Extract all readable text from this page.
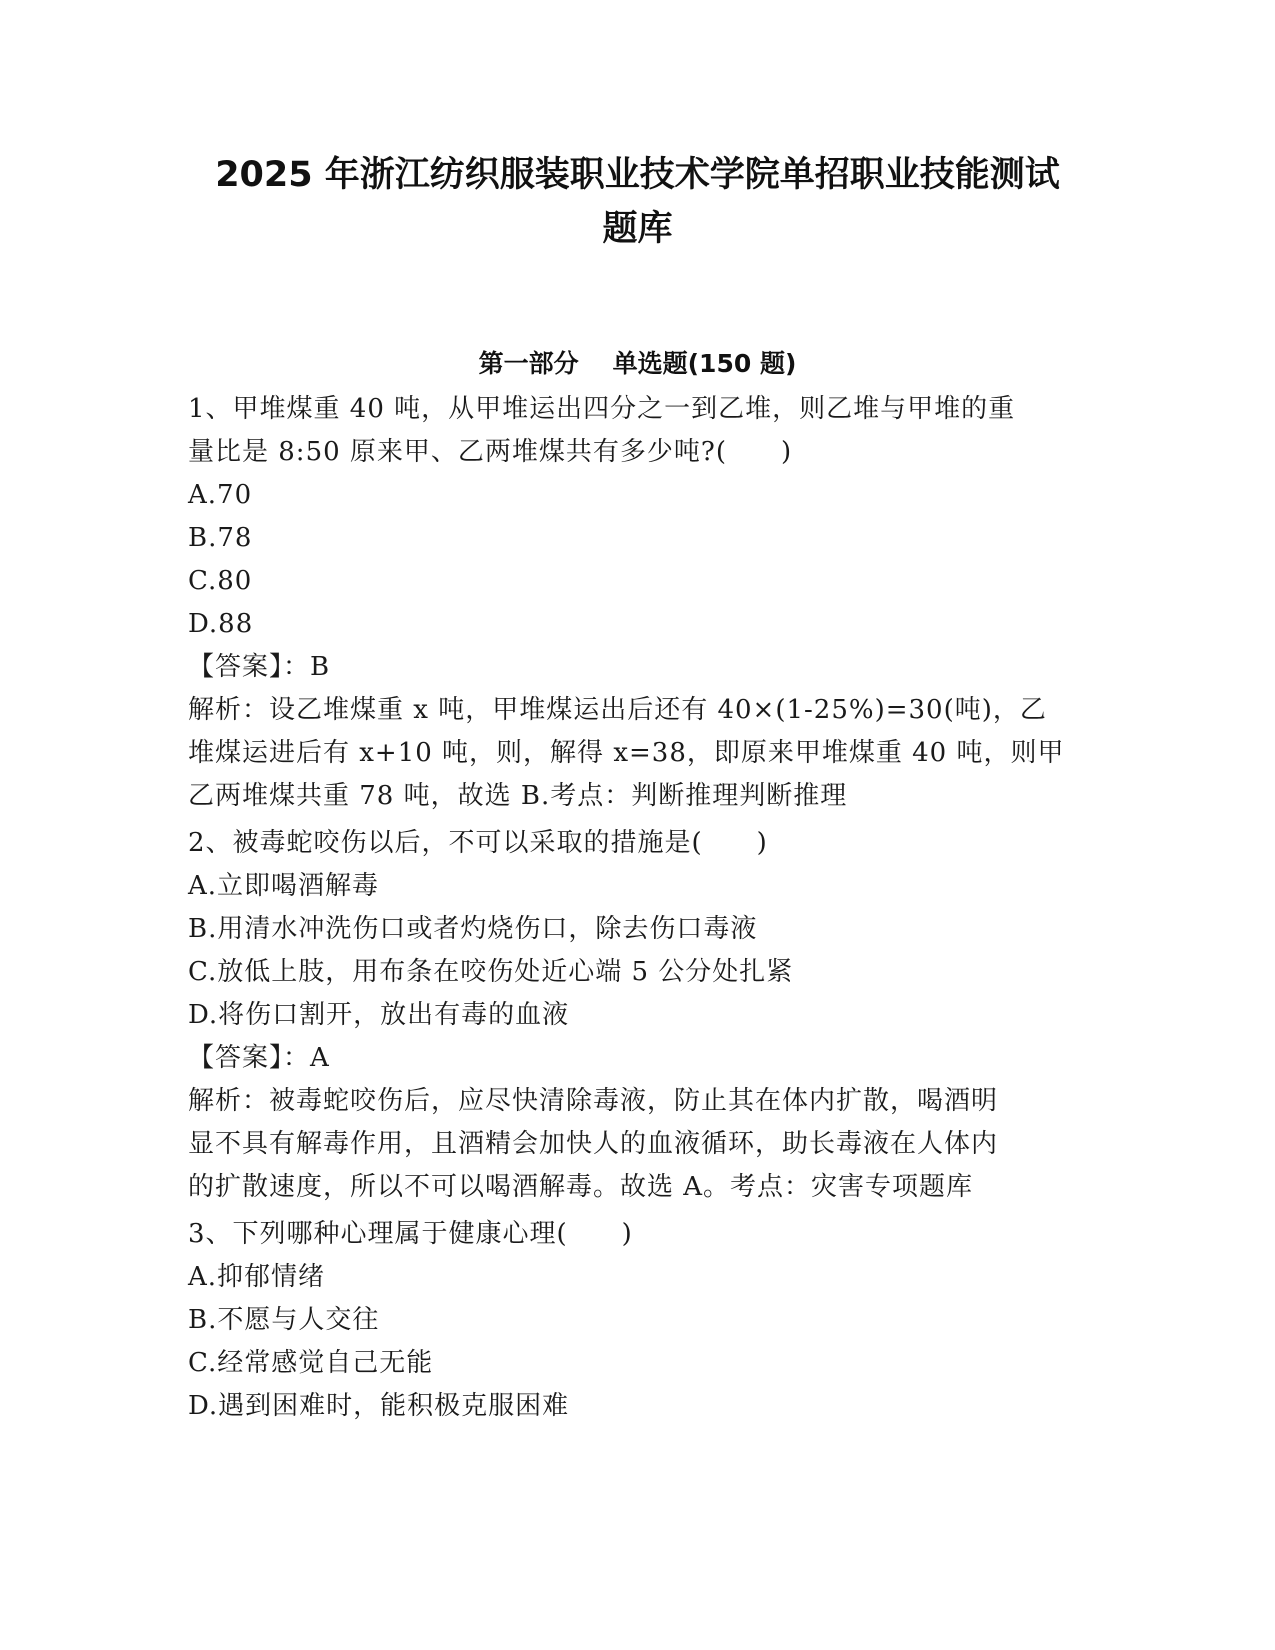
2025 年浙江纺织服装职业技术学院单招职业技能测试
题库
第一部分 单选题(150 题)
1、甲堆煤重 40 吨，从甲堆运出四分之一到乙堆，则乙堆与甲堆的重
量比是 8:50 原来甲、乙两堆煤共有多少吨?(　　)
A.70
B.78
C.80
D.88
【答案】：B
解析：设乙堆煤重 x 吨，甲堆煤运出后还有 40×(1-25%)=30(吨)，乙
堆煤运进后有 x+10 吨，则，解得 x=38，即原来甲堆煤重 40 吨，则甲
乙两堆煤共重 78 吨，故选 B.考点：判断推理判断推理
2、被毒蛇咬伤以后，不可以采取的措施是(　　)
A.立即喝酒解毒
B.用清水冲洗伤口或者灼烧伤口，除去伤口毒液
C.放低上肢，用布条在咬伤处近心端 5 公分处扎紧
D.将伤口割开，放出有毒的血液
【答案】：A
解析：被毒蛇咬伤后，应尽快清除毒液，防止其在体内扩散，喝酒明
显不具有解毒作用，且酒精会加快人的血液循环，助长毒液在人体内
的扩散速度，所以不可以喝酒解毒。故选 A。考点：灾害专项题库
3、下列哪种心理属于健康心理(　　)
A.抑郁情绪
B.不愿与人交往
C.经常感觉自己无能
D.遇到困难时，能积极克服困难
